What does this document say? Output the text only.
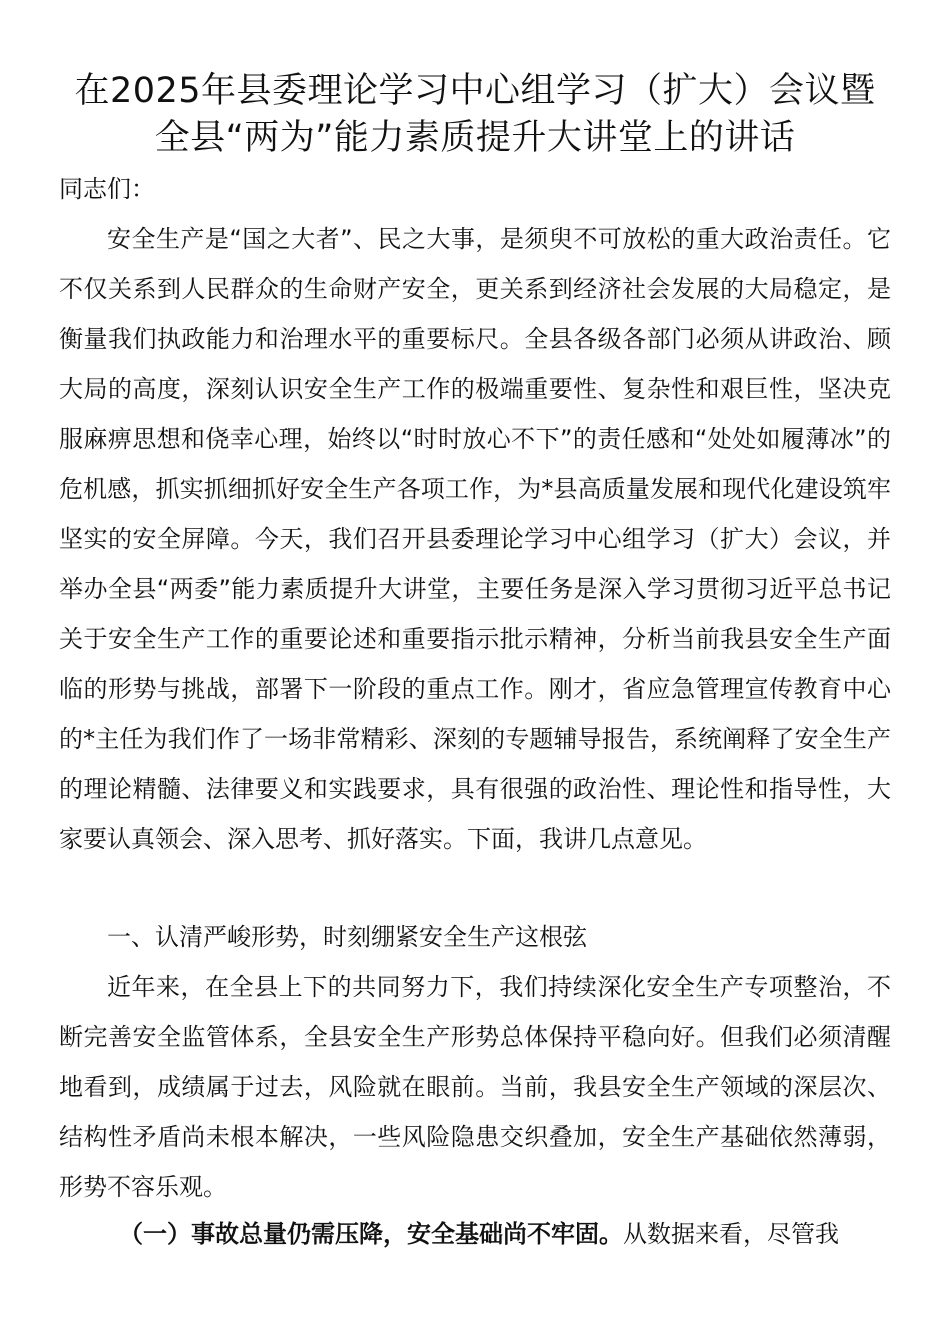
在2025年县委理论学习中心组学习（扩大）会议暨
全县“两为”能力素质提升大讲堂上的讲话
同志们：

安全生产是“国之大者”、民之大事，是须臾不可放松的重大政治责任。它不仅关系到人民群众的生命财产安全，更关系到经济社会发展的大局稳定，是衡量我们执政能力和治理水平的重要标尺。全县各级各部门必须从讲政治、顾大局的高度，深刻认识安全生产工作的极端重要性、复杂性和艰巨性，坚决克服麻痹思想和侥幸心理，始终以“时时放心不下”的责任感和“处处如履薄冰”的危机感，抓实抓细抓好安全生产各项工作，为*县高质量发展和现代化建设筑牢坚实的安全屏障。今天，我们召开县委理论学习中心组学习（扩大）会议，并举办全县“两委”能力素质提升大讲堂，主要任务是深入学习贯彻习近平总书记关于安全生产工作的重要论述和重要指示批示精神，分析当前我县安全生产面临的形势与挑战，部署下一阶段的重点工作。刚才，省应急管理宣传教育中心的*主任为我们作了一场非常精彩、深刻的专题辅导报告，系统阐释了安全生产的理论精髓、法律要义和实践要求，具有很强的政治性、理论性和指导性，大家要认真领会、深入思考、抓好落实。下面，我讲几点意见。

一、认清严峻形势，时刻绷紧安全生产这根弦

近年来，在全县上下的共同努力下，我们持续深化安全生产专项整治，不断完善安全监管体系，全县安全生产形势总体保持平稳向好。但我们必须清醒地看到，成绩属于过去，风险就在眼前。当前，我县安全生产领域的深层次、结构性矛盾尚未根本解决，一些风险隐患交织叠加，安全生产基础依然薄弱，形势不容乐观。

（一）事故总量仍需压降，安全基础尚不牢固。从数据来看，尽管我
